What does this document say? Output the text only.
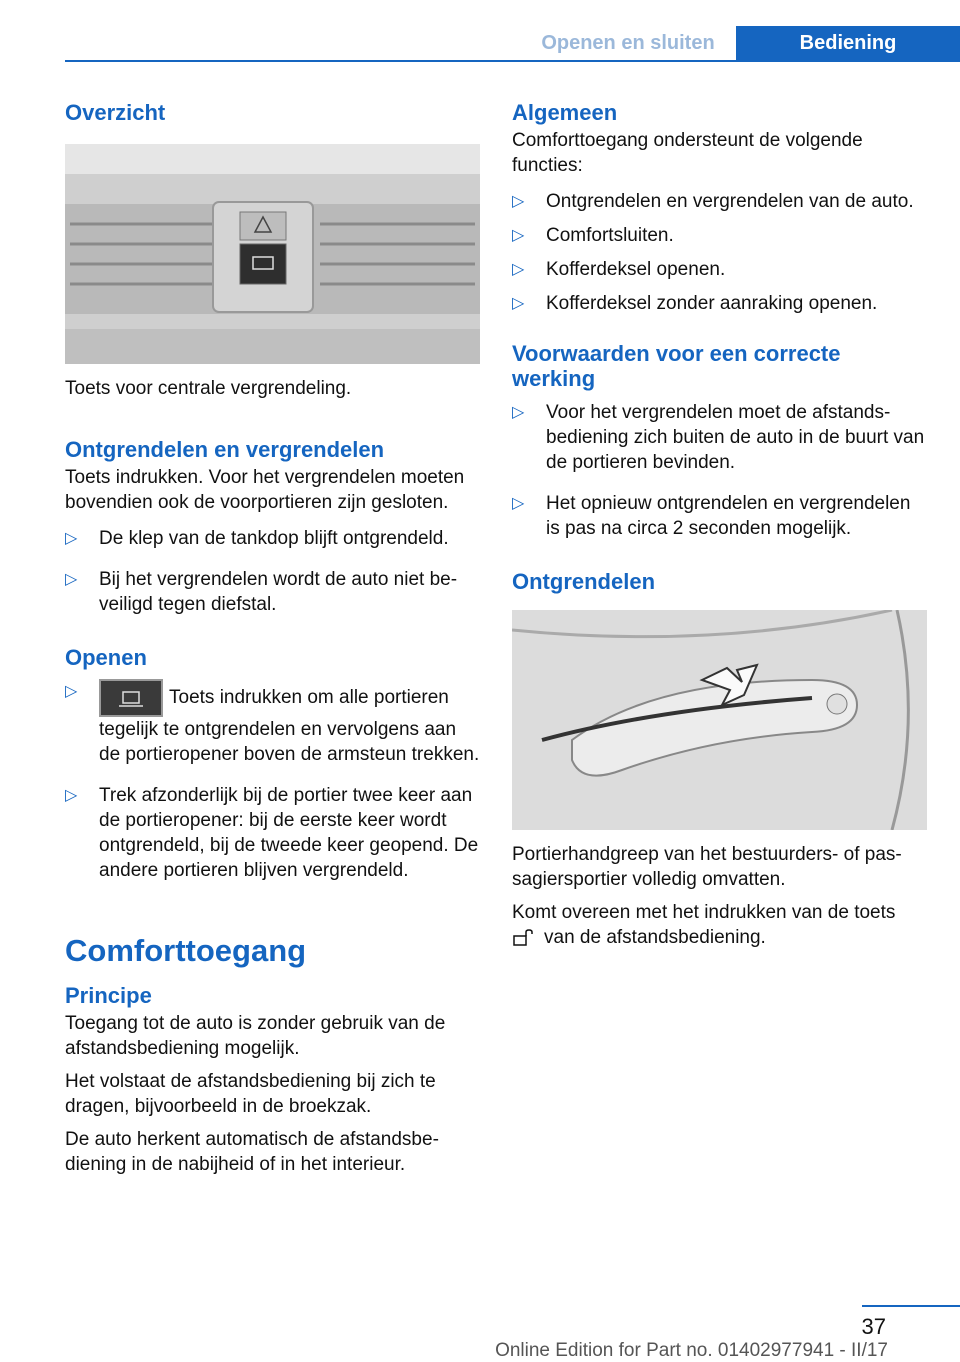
Openen en sluiten	Bediening
Overzicht

Toets voor centrale vergrendeling.

Ontgrendelen en vergrendelen

Toets indrukken. Voor het vergrendelen moeten bovendien ook de voorportieren zijn gesloten.

▷ De klep van de tankdop blijft ontgrendeld.
▷ Bij het vergrendelen wordt de auto niet beveiligd tegen diefstal.
Openen
▷	Toets indrukken om alle portieren tegelijk te ontgrendelen en vervolgens aan de portieropener boven de armsteun trekken.
▷ Trek afzonderlijk bij de portier twee keer aan de portieropener: bij de eerste keer wordt ontgrendeld, bij de tweede keer geopend. De andere portieren blijven vergrendeld.
Comforttoegang
Principe

Toegang tot de auto is zonder gebruik van de afstandsbediening mogelijk.

Het volstaat de afstandsbediening bij zich te dragen, bijvoorbeeld in de broekzak.

De auto herkent automatisch de afstandsbediening in de nabijheid of in het interieur.

Algemeen

Comforttoegang ondersteunt de volgende functies:

▷ Ontgrendelen en vergrendelen van de auto.
▷ Comfortsluiten.
▷ Kofferdeksel openen.
▷ Kofferdeksel zonder aanraking openen.
Voorwaarden voor een correcte werking
▷ Voor het vergrendelen moet de afstandsbediening zich buiten de auto in de buurt van de portieren bevinden.
▷ Het opnieuw ontgrendelen en vergrendelen is pas na circa 2 seconden mogelijk.
Ontgrendelen

Portierhandgreep van het bestuurders- of passagiersportier volledig omvatten.

Komt overeen met het indrukken van de toets
van de afstandsbediening.

37
Online Edition for Part no. 01402977941 - II/17
